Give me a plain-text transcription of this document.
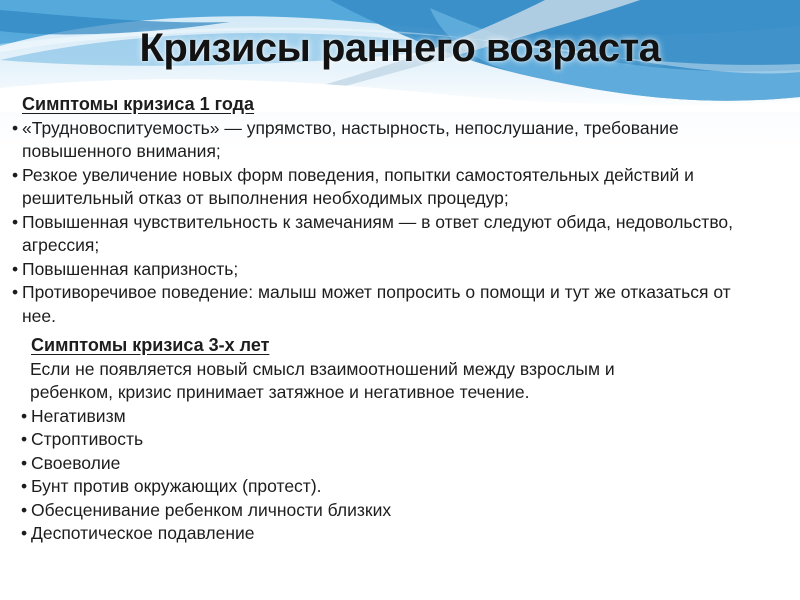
Кризисы раннего возраста
Симптомы кризиса 1 года
• «Трудновоспитуемость» — упрямство, настырность, непослушание, требование повышенного внимания;
• Резкое увеличение новых форм поведения, попытки самостоятельных действий и решительный отказ от выполнения необходимых процедур;
• Повышенная чувствительность к замечаниям — в ответ следуют обида, недовольство, агрессия;
• Повышенная капризность;
• Противоречивое поведение: малыш может попросить о помощи и тут же отказаться от нее.
Симптомы кризиса 3-х лет
Если не появляется новый смысл взаимоотношений между взрослым и ребенком, кризис принимает затяжное и негативное течение.
• Негативизм
• Строптивость
• Своеволие
• Бунт против окружающих (протест).
• Обесценивание ребенком личности близких
• Деспотическое подавление
